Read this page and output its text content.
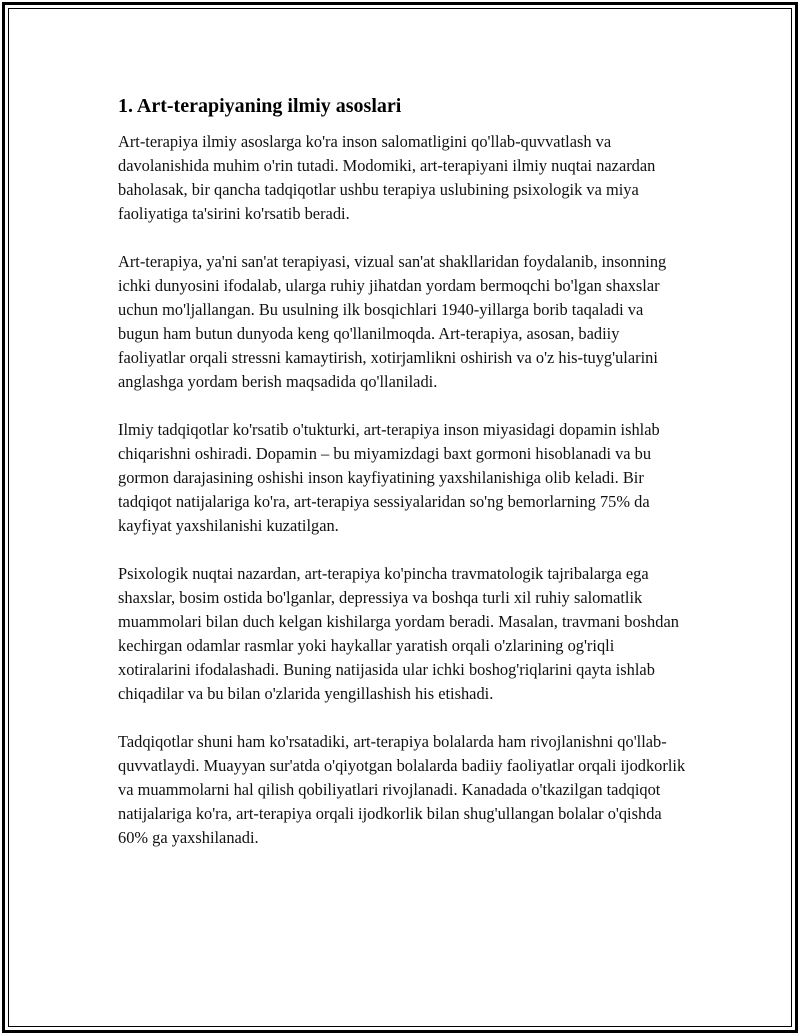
1. Art-terapiyaning ilmiy asoslari

Art-terapiya ilmiy asoslarga ko'ra inson salomatligini qo'llab-quvvatlash va davolanishida muhim o'rin tutadi. Modomiki, art-terapiyani ilmiy nuqtai nazardan baholasak, bir qancha tadqiqotlar ushbu terapiya uslubining psixologik va miya faoliyatiga ta'sirini ko'rsatib beradi.

Art-terapiya, ya'ni san'at terapiyasi, vizual san'at shakllaridan foydalanib, insonning ichki dunyosini ifodalab, ularga ruhiy jihatdan yordam bermoqchi bo'lgan shaxslar uchun mo'ljallangan. Bu usulning ilk bosqichlari 1940-yillarga borib taqaladi va bugun ham butun dunyoda keng qo'llanilmoqda. Art-terapiya, asosan, badiiy faoliyatlar orqali stressni kamaytirish, xotirjamlikni oshirish va o'z his-tuyg'ularini anglashga yordam berish maqsadida qo'llaniladi.

Ilmiy tadqiqotlar ko'rsatib o'tukturki, art-terapiya inson miyasidagi dopamin ishlab chiqarishni oshiradi. Dopamin – bu miyamizdagi baxt gormoni hisoblanadi va bu gormon darajasining oshishi inson kayfiyatining yaxshilanishiga olib keladi. Bir tadqiqot natijalariga ko'ra, art-terapiya sessiyalaridan so'ng bemorlarning 75% da kayfiyat yaxshilanishi kuzatilgan.

Psixologik nuqtai nazardan, art-terapiya ko'pincha travmatologik tajribalarga ega shaxslar, bosim ostida bo'lganlar, depressiya va boshqa turli xil ruhiy salomatlik muammolari bilan duch kelgan kishilarga yordam beradi. Masalan, travmani boshdan kechirgan odamlar rasmlar yoki haykallar yaratish orqali o'zlarining og'riqli xotiralarini ifodalashadi. Buning natijasida ular ichki boshog'riqlarini qayta ishlab chiqadilar va bu bilan o'zlarida yengillashish his etishadi.

Tadqiqotlar shuni ham ko'rsatadiki, art-terapiya bolalarda ham rivojlanishni qo'llab-quvvatlaydi. Muayyan sur'atda o'qiyotgan bolalarda badiiy faoliyatlar orqali ijodkorlik va muammolarni hal qilish qobiliyatlari rivojlanadi. Kanadada o'tkazilgan tadqiqot natijalariga ko'ra, art-terapiya orqali ijodkorlik bilan shug'ullangan bolalar o'qishda 60% ga yaxshilanadi.
